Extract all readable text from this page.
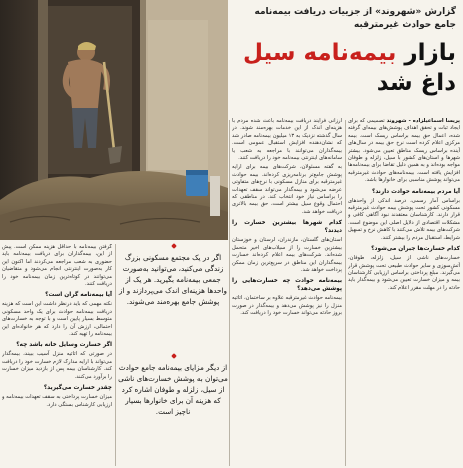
گزارش «شهروند» از جزییات دریافت بیمه‌نامه جامع حوادث غیرمترقبه
بازار بیمه‌نامه سیل
داغ شد

پریسا اسماعیلزاده - شهروند تصمیمی که برای ایجاد ثبات و تحقق اهداف پوشش‌های بیمه‌ای گرفته شده، اعمال حق بیمه براساس ریسک است. بیمه مرکزی اعلام کرده است نرخ حق بیمه در سال‌های آینده براساس ریسک مناطق تعیین می‌شود. بیشتر شهرها و استان‌های کشور با سیل، زلزله و طوفان مواجه بوده‌اند و به همین دلیل تقاضا برای بیمه‌نامه‌ها افزایش یافته است. بیمه‌نامه‌های حوادث غیرمترقبه می‌تواند پوشش مناسبی برای خانوارها باشد.

آیا مردم بیمه‌نامه حوادث دارند؟

براساس آمار رسمی، درصد اندکی از واحدهای مسکونی کشور تحت پوشش بیمه حوادث غیرمترقبه قرار دارند. کارشناسان معتقدند نبود آگاهی کافی و مشکلات اقتصادی از دلایل اصلی این موضوع است. شرکت‌های بیمه تلاش می‌کنند با کاهش نرخ و تسهیل شرایط، استقبال مردم را بیشتر کنند.

کدام خسارت‌ها جبران می‌شود؟

خسارت‌های ناشی از سیل، زلزله، طوفان، آتش‌سوزی و سایر حوادث طبیعی تحت پوشش قرار می‌گیرند. مبلغ پرداختی براساس ارزیابی کارشناسان بیمه و میزان خسارت تعیین می‌شود و بیمه‌گذار باید حادثه را در مهلت مقرر اعلام کند.

ارزانی فرایند دریافت بیمه‌نامه باعث شده مردم با هزینه‌ای اندک از این خدمات بهره‌مند شوند. در سال گذشته نزدیک به ۱۳ میلیون بیمه‌نامه صادر شد که نشان‌دهنده افزایش استقبال عمومی است. بیمه‌گذاران می‌توانند با مراجعه به شعب یا سامانه‌های اینترنتی بیمه‌نامه خود را دریافت کنند.

به گفته مسئولان، شرکت‌های بیمه برای ارایه پوشش جامع‌تر برنامه‌ریزی کرده‌اند. بیمه حوادث غیرمترقبه برای منازل مسکونی با نرخ‌های متفاوتی عرضه می‌شود و بیمه‌گذار می‌تواند سقف تعهدات را براساس نیاز خود انتخاب کند. در مناطقی که احتمال وقوع سیل بیشتر است، حق بیمه بالاتری دریافت خواهد شد.

کدام شهرها بیشترین خسارت را دیدند؟

استان‌های گلستان، مازندران، لرستان و خوزستان بیشترین خسارت را از سیلاب‌های اخیر متحمل شده‌اند. شرکت‌های بیمه اعلام کرده‌اند خسارت بیمه‌گذاران این مناطق در سریع‌ترین زمان ممکن پرداخت خواهد شد.

بیمه‌نامه حوادث چه خسارت‌هایی را پوشش می‌دهد؟

بیمه‌نامه حوادث غیرمترقبه علاوه بر ساختمان، اثاثیه منزل را نیز پوشش می‌دهد و بیمه‌گذار در صورت بروز حادثه می‌تواند خسارت خود را دریافت کند.

اگر در یک مجتمع مسکونی بزرگ زندگی می‌کنید، می‌توانید به‌صورت جمعی بیمه‌نامه بگیرید. هر یک از واحدها هزینه‌ای اندک می‌پردازند و از پوشش جامع بهره‌مند می‌شوند.
از دیگر مزایای بیمه‌نامه جامع حوادث می‌توان به پوشش خسارت‌های ناشی از سیل، زلزله و طوفان اشاره کرد که هزینه آن برای خانوارها بسیار ناچیز است.

گرفتن بیمه‌نامه با حداقل هزینه ممکن است. پیش از این، بیمه‌گذاران برای دریافت بیمه‌نامه باید حضوری به شعب مراجعه می‌کردند اما اکنون این کار به‌صورت اینترنتی انجام می‌شود و متقاضیان می‌توانند در کوتاه‌ترین زمان بیمه‌نامه خود را دریافت کنند.

آیا بیمه‌نامه گران است؟

نکته مهمی که باید درنظر داشت این است که هزینه دریافت بیمه‌نامه حوادث برای یک واحد مسکونی متوسط بسیار پایین است و با توجه به خسارت‌های احتمالی، ارزش آن را دارد که هر خانواده‌ای این بیمه‌نامه را تهیه کند.

اگر خسارت وسایل خانه باشد چه؟

در صورتی که اثاثیه منزل آسیب ببیند، بیمه‌گذار می‌تواند با ارایه مدارک لازم خسارت خود را دریافت کند. کارشناسان بیمه پس از بازدید میزان خسارت را برآورد می‌کنند.

چقدر خسارت می‌گیرید؟

میزان خسارت پرداختی به سقف تعهدات بیمه‌نامه و ارزیابی کارشناس بستگی دارد.
